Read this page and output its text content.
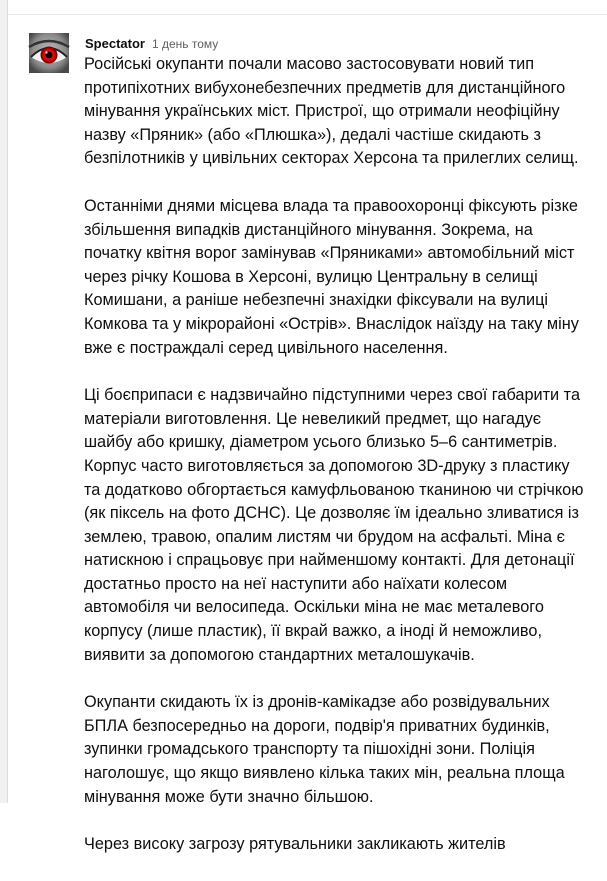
Spectator 1 день тому

Російські окупанти почали масово застосовувати новий тип протипіхотних вибухонебезпечних предметів для дистанційного мінування українських міст. Пристрої, що отримали неофіційну назву «Пряник» (або «Плюшка»), дедалі частіше скидають з безпілотників у цивільних секторах Херсона та прилеглих селищ.

Останніми днями місцева влада та правоохоронці фіксують різке збільшення випадків дистанційного мінування. Зокрема, на початку квітня ворог замінував «Пряниками» автомобільний міст через річку Кошова в Херсоні, вулицю Центральну в селищі Комишани, а раніше небезпечні знахідки фіксували на вулиці Комкова та у мікрорайоні «Острів». Внаслідок наїзду на таку міну вже є постраждалі серед цивільного населення.

Ці боєприпаси є надзвичайно підступними через свої габарити та матеріали виготовлення. Це невеликий предмет, що нагадує шайбу або кришку, діаметром усього близько 5–6 сантиметрів. Корпус часто виготовляється за допомогою 3D-друку з пластику та додатково обгортається камуфльованою тканиною чи стрічкою (як піксель на фото ДСНС). Це дозволяє їм ідеально зливатися із землею, травою, опалим листям чи брудом на асфальті. Міна є натискною і спрацьовує при найменшому контакті. Для детонації достатньо просто на неї наступити або наїхати колесом автомобіля чи велосипеда. Оскільки міна не має металевого корпусу (лише пластик), її вкрай важко, а іноді й неможливо, виявити за допомогою стандартних металошукачів.

Окупанти скидають їх із дронів-камікадзе або розвідувальних БПЛА безпосередньо на дороги, подвір'я приватних будинків, зупинки громадського транспорту та пішохідні зони. Поліція наголошує, що якщо виявлено кілька таких мін, реальна площа мінування може бути значно більшою.

Через високу загрозу рятувальники закликають жителів
